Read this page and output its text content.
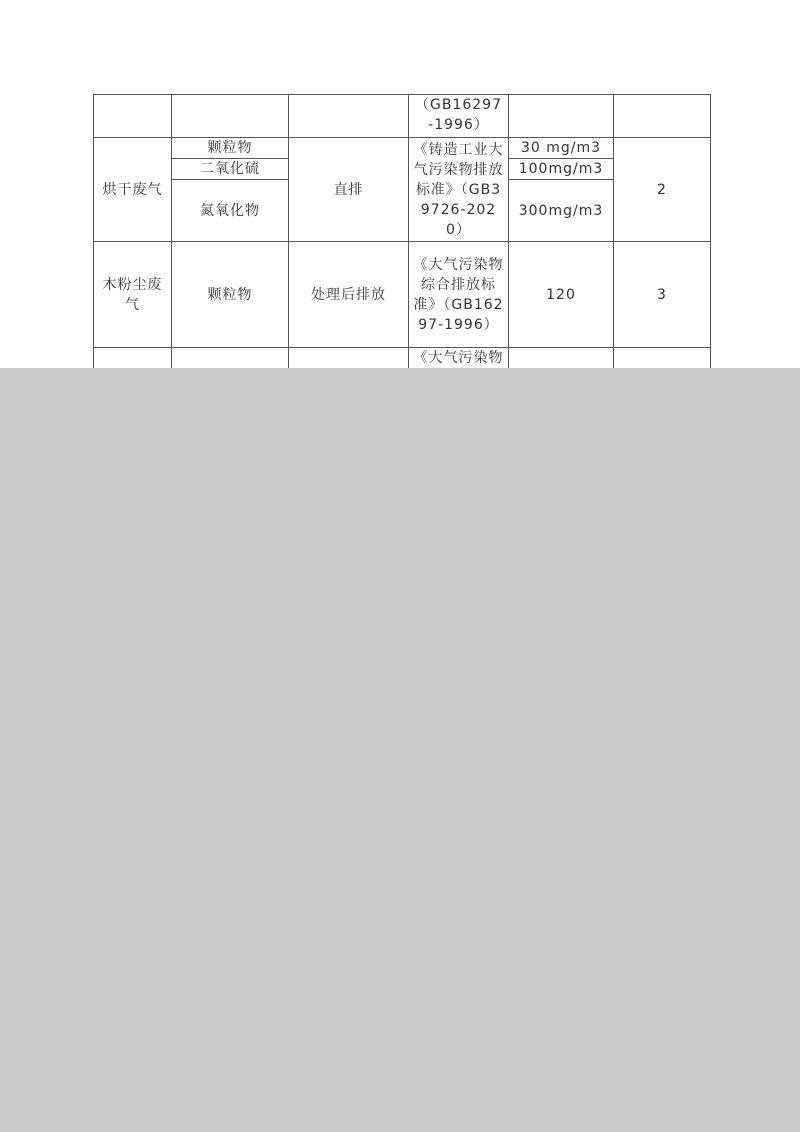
			（GB16297-1996）		

烘干废气	颗粒物	直排	《铸造工业大气污染物排放标准》（GB39726-2020）	30 mg/m3	2

	二氧化硫			100mg/m3	

	氮氧化物			300mg/m3	

木粉尘废气	颗粒物	处理后排放	《大气污染物综合排放标准》（GB16297-1996）	120	3

			《大气污染物		
